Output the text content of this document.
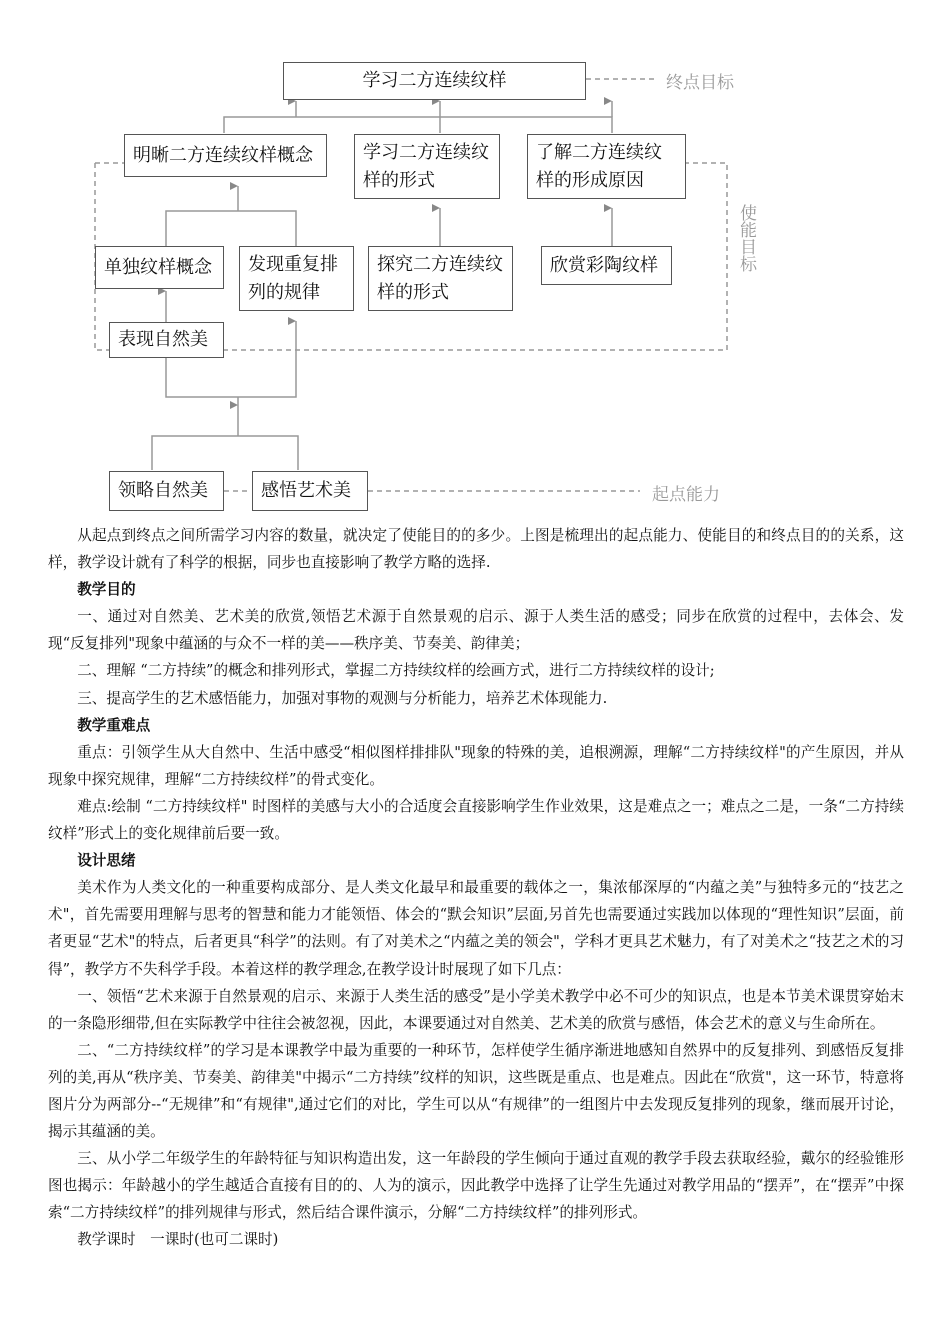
学习二方连续纹样
明晰二方连续纹样概念	学习二方连续纹样的形式
了解二方连续纹样的形成原因
单独纹样概念	发现重复排列的规律
探究二方连续纹样的形式
欣赏彩陶纹样
表现自然美
领略自然美	感悟艺术美
终点目标
使能目标
起点能力

从起点到终点之间所需学习内容的数量，就决定了使能目的的多少。上图是梳理出的起点能力、使能目的和终点目的的关系，这样，教学设计就有了科学的根据，同步也直接影响了教学方略的选择.

教学目的

一、通过对自然美、艺术美的欣赏,领悟艺术源于自然景观的启示、源于人类生活的感受；同步在欣赏的过程中，去体会、发现“反复排列"现象中蕴涵的与众不一样的美——秩序美、节奏美、韵律美；

二、理解 “二方持续”的概念和排列形式，掌握二方持续纹样的绘画方式，进行二方持续纹样的设计;

三、提高学生的艺术感悟能力，加强对事物的观测与分析能力，培养艺术体现能力.

教学重难点

重点：引领学生从大自然中、生活中感受“相似图样排排队"现象的特殊的美，追根溯源，理解“二方持续纹样"的产生原因，并从现象中探究规律，理解“二方持续纹样”的骨式变化。

难点:绘制 “二方持续纹样" 时图样的美感与大小的合适度会直接影响学生作业效果，这是难点之一；难点之二是，一条“二方持续纹样”形式上的变化规律前后要一致。

设计思绪

美术作为人类文化的一种重要构成部分、是人类文化最早和最重要的载体之一，集浓郁深厚的“内蕴之美”与独特多元的“技艺之术"，首先需要用理解与思考的智慧和能力才能领悟、体会的“默会知识”层面,另首先也需要通过实践加以体现的“理性知识”层面，前者更显“艺术"的特点，后者更具“科学”的法则。有了对美术之“内蕴之美的领会"，学科才更具艺术魅力，有了对美术之“技艺之术的习得”，教学方不失科学手段。本着这样的教学理念,在教学设计时展现了如下几点：

一、领悟“艺术来源于自然景观的启示、来源于人类生活的感受”是小学美术教学中必不可少的知识点，也是本节美术课贯穿始末的一条隐形细带,但在实际教学中往往会被忽视，因此，本课要通过对自然美、艺术美的欣赏与感悟，体会艺术的意义与生命所在。

二、“二方持续纹样”的学习是本课教学中最为重要的一种环节，怎样使学生循序渐进地感知自然界中的反复排列、到感悟反复排列的美,再从“秩序美、节奏美、韵律美"中揭示“二方持续”纹样的知识，这些既是重点、也是难点。因此在“欣赏"，这一环节，特意将图片分为两部分--“无规律”和“有规律",通过它们的对比，学生可以从“有规律”的一组图片中去发现反复排列的现象，继而展开讨论，揭示其蕴涵的美。

三、从小学二年级学生的年龄特征与知识构造出发，这一年龄段的学生倾向于通过直观的教学手段去获取经验，戴尔的经验锥形图也揭示：年龄越小的学生越适合直接有目的的、人为的演示，因此教学中选择了让学生先通过对教学用品的“摆弄”，在“摆弄”中探索“二方持续纹样”的排列规律与形式，然后结合课件演示，分解“二方持续纹样”的排列形式。

教学课时　一课时(也可二课时)
